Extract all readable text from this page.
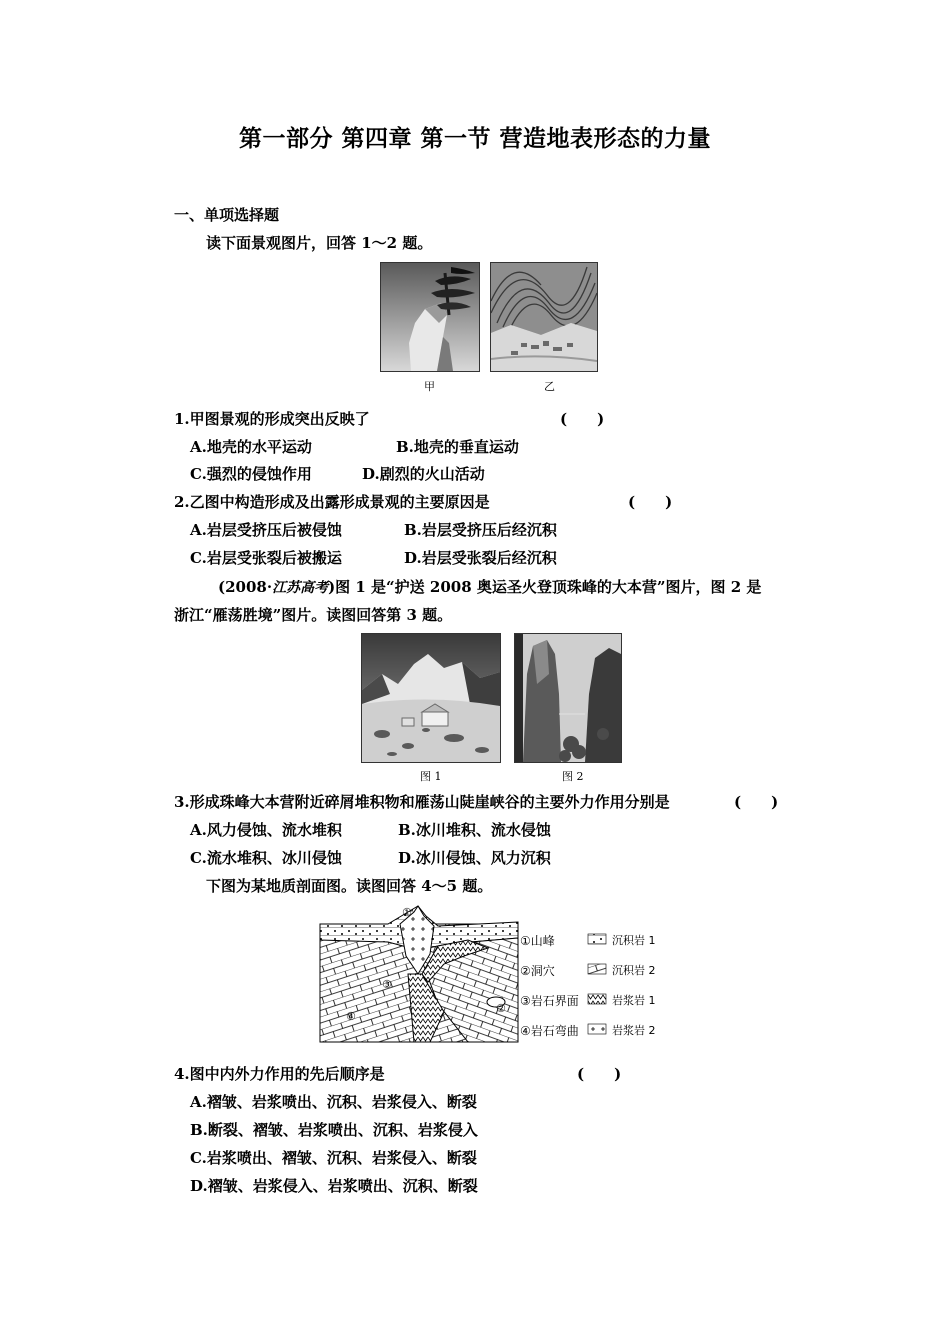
第一部分 第四章 第一节 营造地表形态的力量
一、单项选择题
读下面景观图片，回答 1～2 题。
甲	乙
1.甲图景观的形成突出反映了	(　　)
A.地壳的水平运动	B.地壳的垂直运动
C.强烈的侵蚀作用	D.剧烈的火山活动
2.乙图中构造形成及出露形成景观的主要原因是	(　　)
A.岩层受挤压后被侵蚀	B.岩层受挤压后经沉积
C.岩层受张裂后被搬运	D.岩层受张裂后经沉积
(2008·江苏高考)图 1 是“护送 2008 奥运圣火登顶珠峰的大本营”图片，图 2 是
浙江“雁荡胜境”图片。读图回答第 3 题。
图 1	图 2
3.形成珠峰大本营附近碎屑堆积物和雁荡山陡崖峡谷的主要外力作用分别是	(　　)
A.风力侵蚀、流水堆积	B.冰川堆积、流水侵蚀
C.流水堆积、冰川侵蚀	D.冰川侵蚀、风力沉积
下图为某地质剖面图。读图回答 4～5 题。
①
③
②
④
①山峰
②洞穴
③岩石界面
④岩石弯曲
沉积岩 1
沉积岩 2
岩浆岩 1
岩浆岩 2
4.图中内外力作用的先后顺序是	(　　)
A.褶皱、岩浆喷出、沉积、岩浆侵入、断裂
B.断裂、褶皱、岩浆喷出、沉积、岩浆侵入
C.岩浆喷出、褶皱、沉积、岩浆侵入、断裂
D.褶皱、岩浆侵入、岩浆喷出、沉积、断裂
